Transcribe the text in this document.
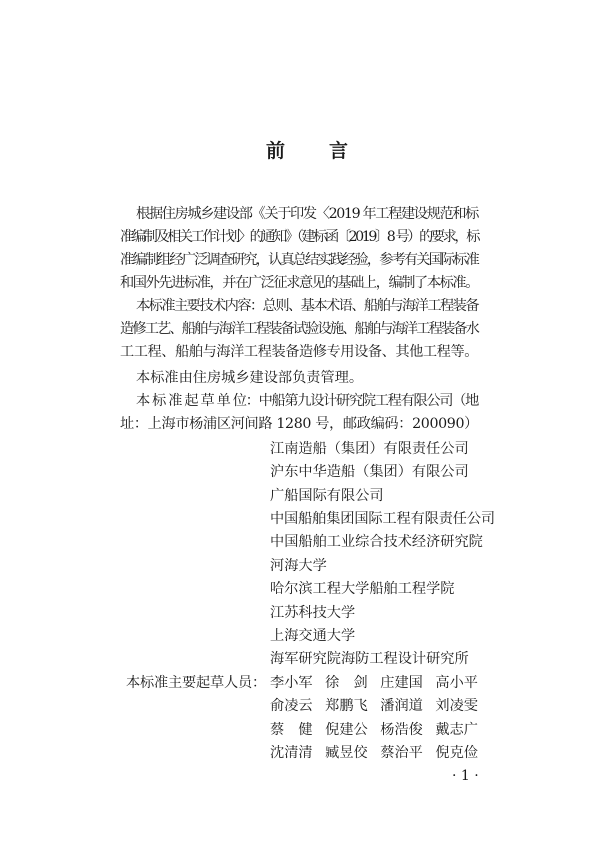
前 言
根据住房城乡建设部《关于印发〈2019 年工程建设规范和标
准编制及相关工作计划〉的通知》（建标函〔2019〕8 号）的要求，标
准编制组经广泛调查研究，认真总结实践经验，参考有关国际标准
和国外先进标准，并在广泛征求意见的基础上，编制了本标准。
本标准主要技术内容：总则、基本术语、船舶与海洋工程装备
造修工艺、船舶与海洋工程装备试验设施、船舶与海洋工程装备水
工工程、船舶与海洋工程装备造修专用设备、其他工程等。
本标准由住房城乡建设部负责管理。
本 标 准 起 草 单 位：中船第九设计研究院工程有限公司（地
址：上海市杨浦区河间路 1280 号，邮政编码：200090）
江南造船（集团）有限责任公司
沪东中华造船（集团）有限公司
广船国际有限公司
中国船舶集团国际工程有限责任公司
中国船舶工业综合技术经济研究院
河海大学
哈尔滨工程大学船舶工程学院
江苏科技大学
上海交通大学
海军研究院海防工程设计研究所
本标准主要起草人员： 李小军 徐　剑 庄建国 高小平
俞凌云 郑鹏飞 潘润道 刘凌雯
蔡　健 倪建公 杨浩俊 戴志广
沈清清 臧昱佼 蔡治平 倪克俭
· 1 ·
